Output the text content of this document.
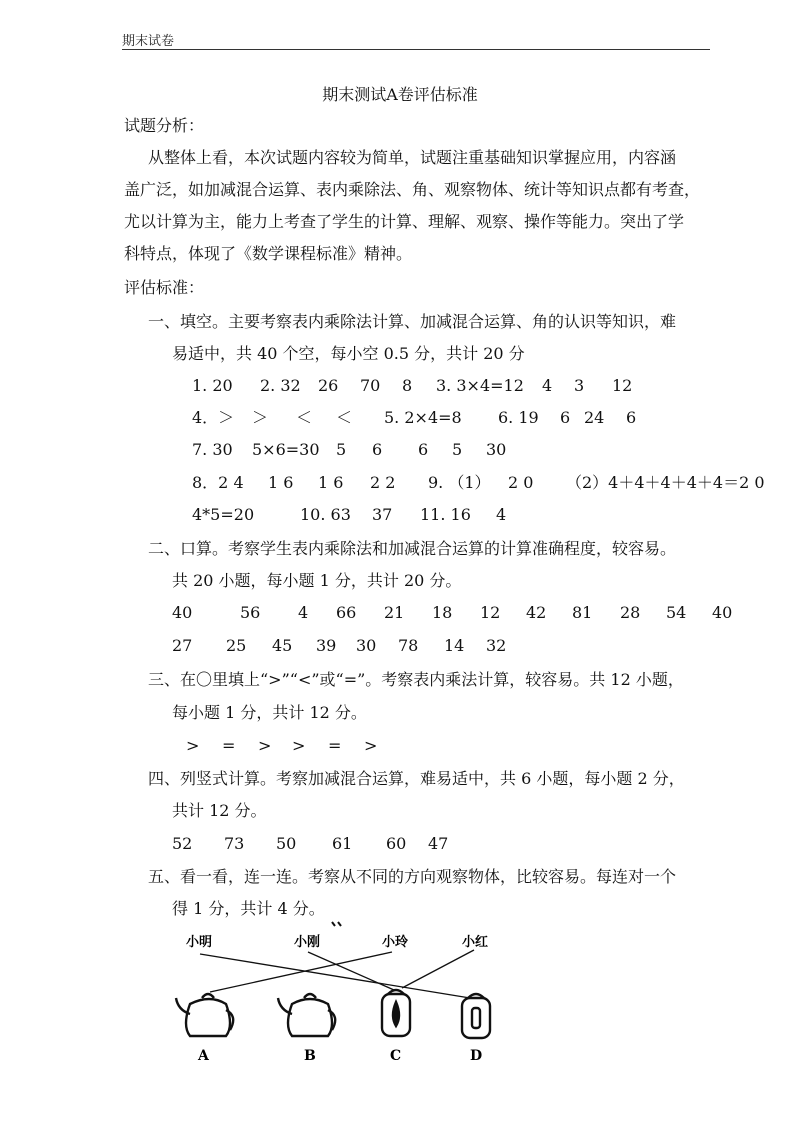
期末试卷
期末测试A卷评估标准
试题分析：
从整体上看，本次试题内容较为简单，试题注重基础知识掌握应用，内容涵
盖广泛，如加减混合运算、表内乘除法、角、观察物体、统计等知识点都有考查，
尤以计算为主，能力上考查了学生的计算、理解、观察、操作等能力。突出了学
科特点，体现了《数学课程标准》精神。
评估标准：
一、填空。主要考察表内乘除法计算、加减混合运算、角的认识等知识，难
易适中，共 40 个空，每小空 0.5 分，共计 20 分
1. 20 2. 32 26 70 8 3. 3×4=12 4 3 12
4．＞ ＞ ＜ ＜ 5. 2×4=8 6. 19 6 24 6
7. 30 5×6=30 5 6 6 5 30
8．2 4 1 6 1 6 2 2 9. （1） 2 0 （2）4＋4＋4＋4＋4＝2 0
4*5=20	10. 63 37 11. 16 4
二、口算。考察学生表内乘除法和加减混合运算的计算准确程度，较容易。
共 20 小题，每小题 1 分，共计 20 分。
40	56 4 66 21 18 12 42 81 28 54 40
27 25 45 39 30 78 14 32
三、在〇里填上“>”“<”或“=”。考察表内乘法计算，较容易。共 12 小题，
每小题 1 分，共计 12 分。
> = > > = >
四、列竖式计算。考察加减混合运算，难易适中，共 6 小题，每小题 2 分，
共计 12 分。
52 73 50 61 60 47
五、看一看，连一连。考察从不同的方向观察物体，比较容易。每连对一个
得 1 分，共计 4 分。
小明	小刚	小玲	小红
A	B	C	D
